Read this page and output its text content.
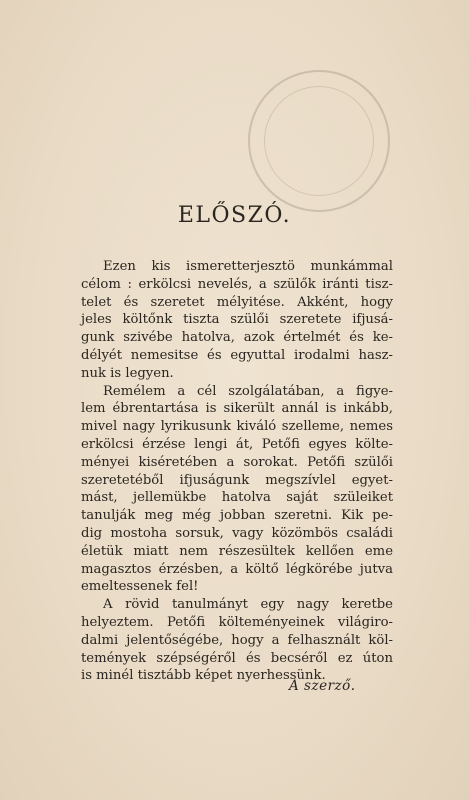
ELŐSZÓ.
Ezen kis ismeretterjesztö munkámmal
célom : erkölcsi nevelés, a szülők iránti tisz-
telet és szeretet mélyitése. Akként, hogy
jeles költőnk tiszta szülői szeretete ifjusá-
gunk szivébe hatolva, azok értelmét és ke-
délyét nemesitse és egyuttal irodalmi hasz-
nuk is legyen.
Remélem a cél szolgálatában, a figye-
lem ébrentartása is sikerült annál is inkább,
mivel nagy lyrikusunk kiváló szelleme, nemes
erkölcsi érzése lengi át, Petőfi egyes költe-
ményei kiséretében a sorokat. Petőfi szülői
szeretetéből ifjuságunk megszívlel egyet-
mást, jellemükbe hatolva saját szüleiket
tanulják meg még jobban szeretni. Kik pe-
dig mostoha sorsuk, vagy közömbös családi
életük miatt nem részesültek kellően eme
magasztos érzésben, a költő légkörébe jutva
emeltessenek fel!
A rövid tanulmányt egy nagy keretbe
helyeztem. Petőfi költeményeinek világiro-
dalmi jelentőségébe, hogy a felhasznált köl-
temények szépségéről és becséről ez úton
is minél tisztább képet nyerhessünk.
A szerző.
